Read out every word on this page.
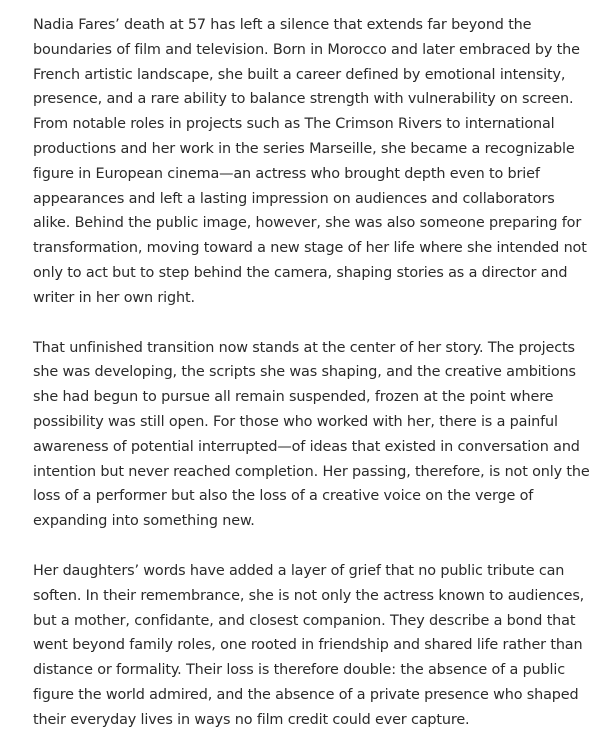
Nadia Fares’ death at 57 has left a silence that extends far beyond the boundaries of film and television. Born in Morocco and later embraced by the French artistic landscape, she built a career defined by emotional intensity, presence, and a rare ability to balance strength with vulnerability on screen. From notable roles in projects such as The Crimson Rivers to international productions and her work in the series Marseille, she became a recognizable figure in European cinema—an actress who brought depth even to brief appearances and left a lasting impression on audiences and collaborators alike. Behind the public image, however, she was also someone preparing for transformation, moving toward a new stage of her life where she intended not only to act but to step behind the camera, shaping stories as a director and writer in her own right.

That unfinished transition now stands at the center of her story. The projects she was developing, the scripts she was shaping, and the creative ambitions she had begun to pursue all remain suspended, frozen at the point where possibility was still open. For those who worked with her, there is a painful awareness of potential interrupted—of ideas that existed in conversation and intention but never reached completion. Her passing, therefore, is not only the loss of a performer but also the loss of a creative voice on the verge of expanding into something new.

Her daughters’ words have added a layer of grief that no public tribute can soften. In their remembrance, she is not only the actress known to audiences, but a mother, confidante, and closest companion. They describe a bond that went beyond family roles, one rooted in friendship and shared life rather than distance or formality. Their loss is therefore double: the absence of a public figure the world admired, and the absence of a private presence who shaped their everyday lives in ways no film credit could ever capture.
